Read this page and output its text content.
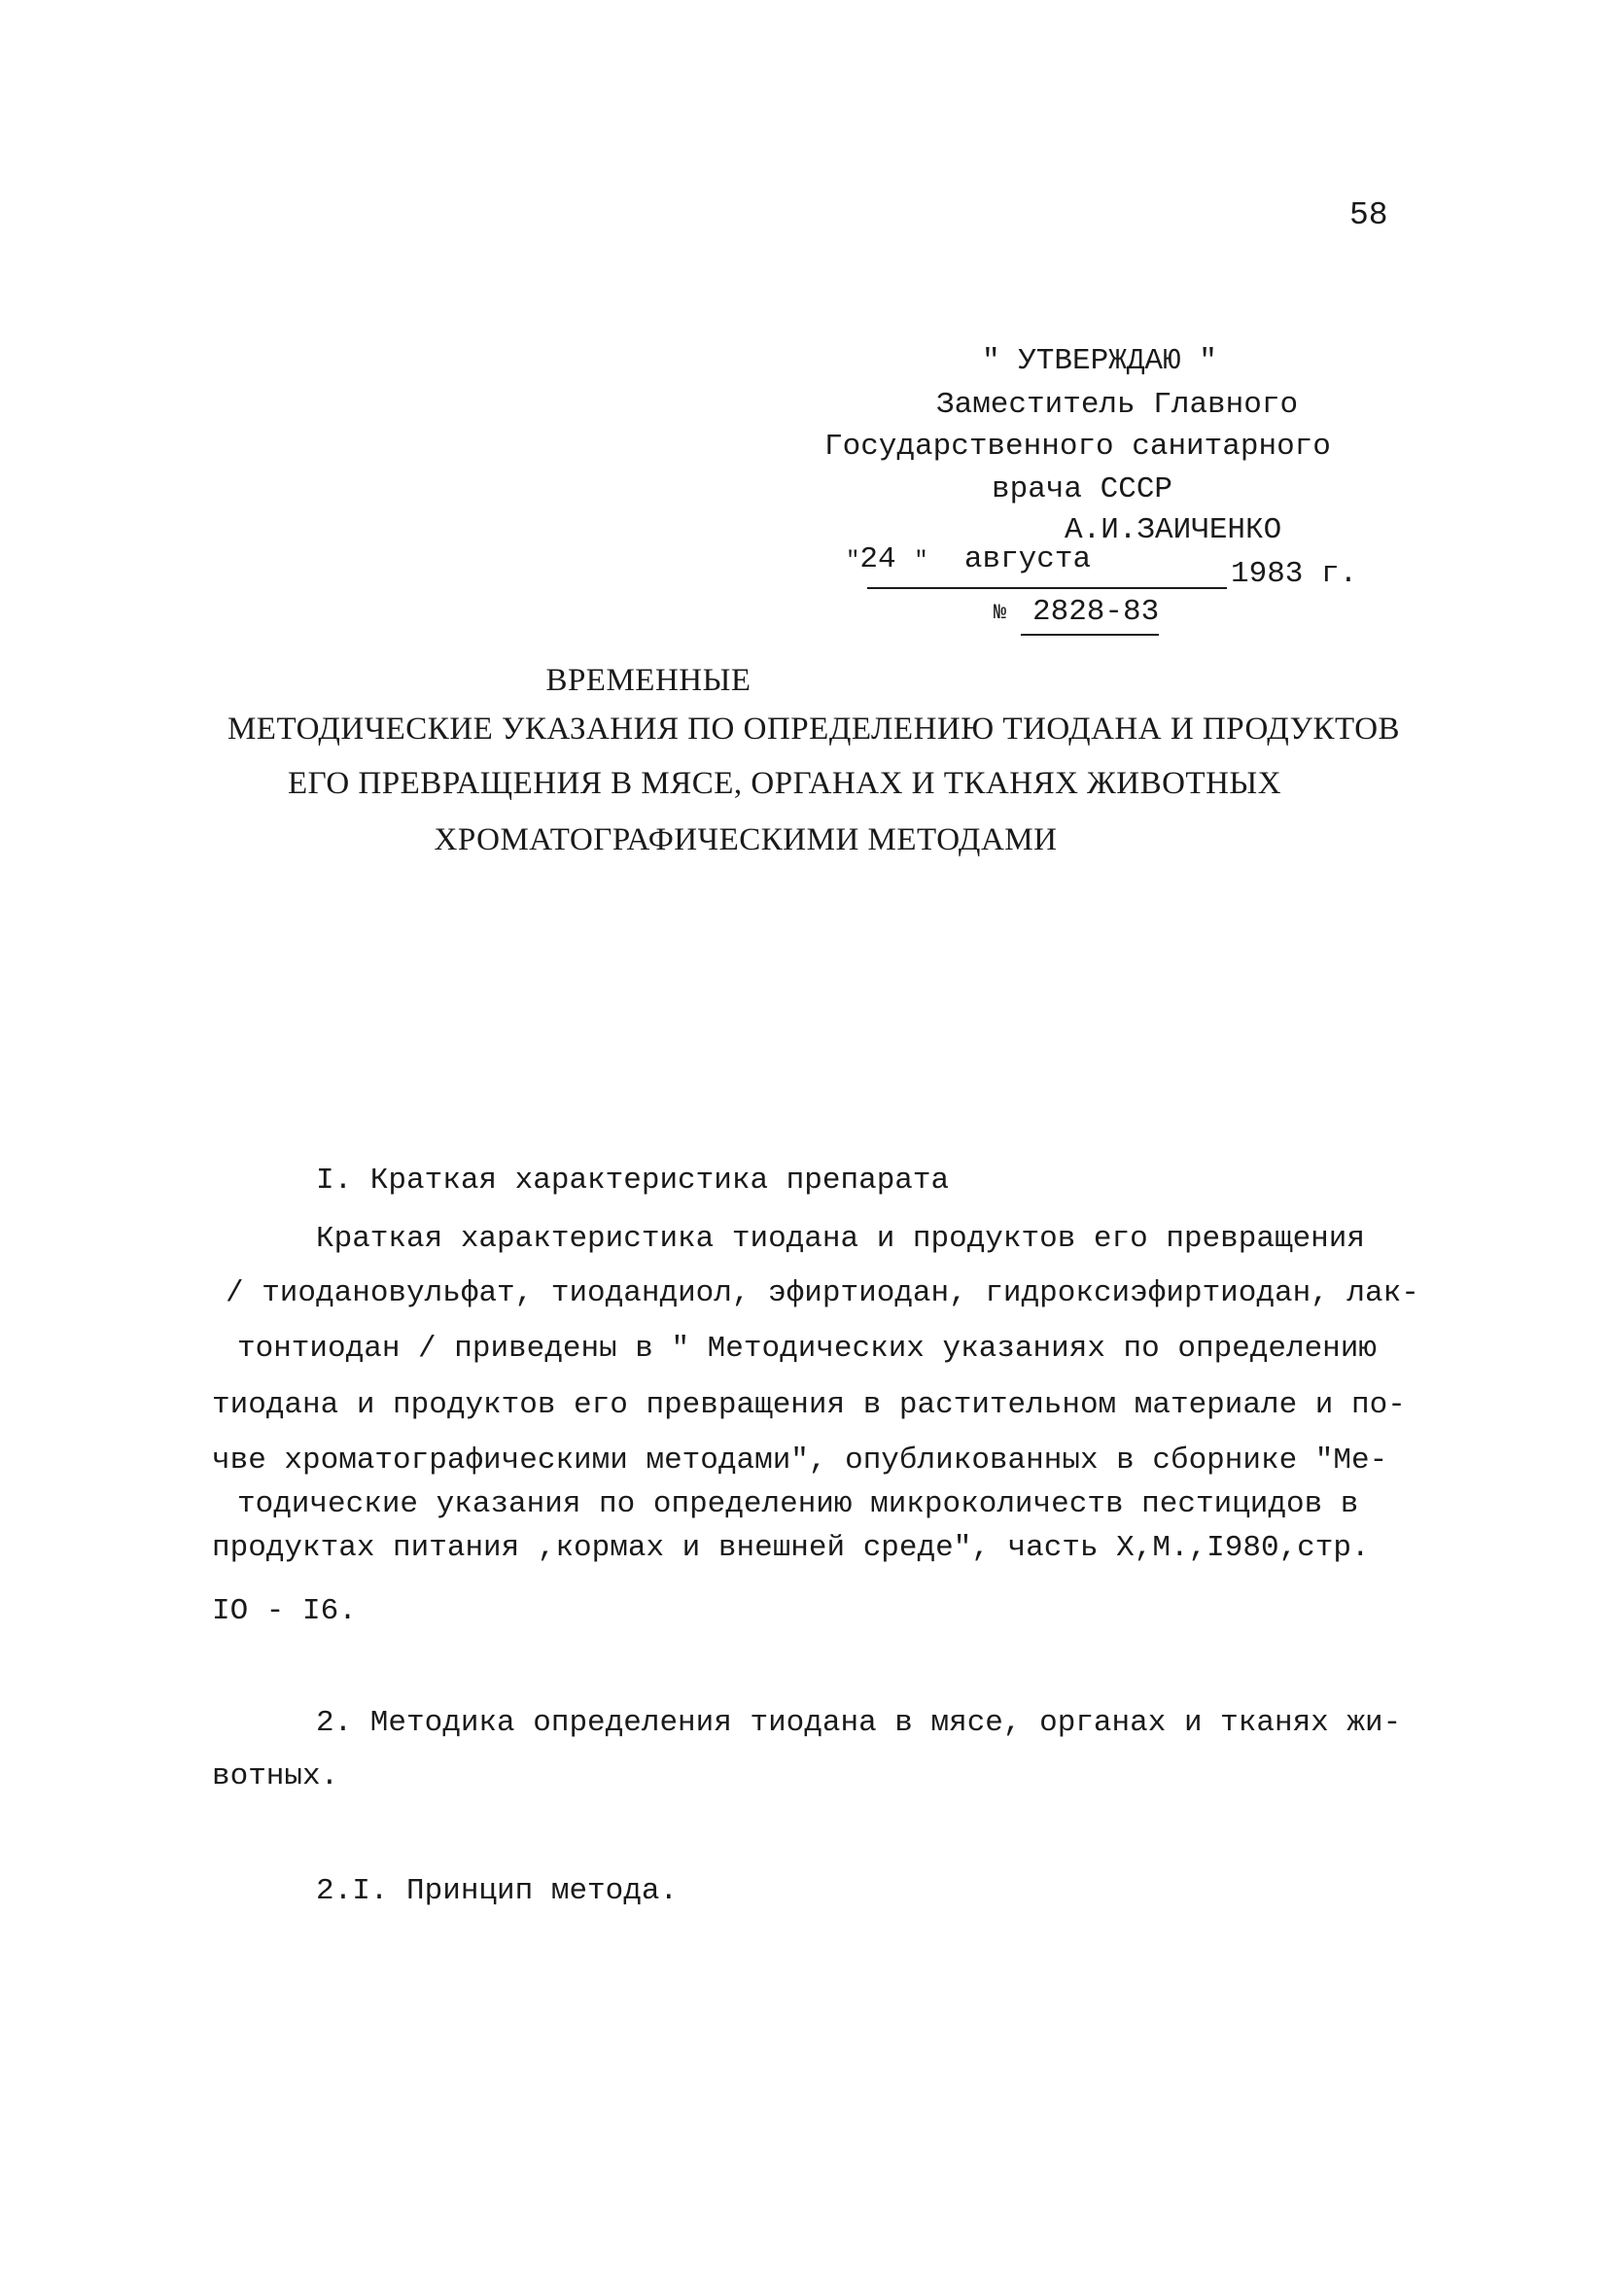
58
" УТВЕРЖДАЮ "
Заместитель Главного
Государственного санитарного
врача СССР
А.И.ЗАИЧЕНКО
"24 " августа	1983 г.
№ 2828-83
ВРЕМЕННЫЕ
МЕТОДИЧЕСКИЕ УКАЗАНИЯ ПО ОПРЕДЕЛЕНИЮ ТИОДАНА И ПРОДУКТОВ
ЕГО ПРЕВРАЩЕНИЯ В МЯСЕ, ОРГАНАХ И ТКАНЯХ ЖИВОТНЫХ
ХРОМАТОГРАФИЧЕСКИМИ МЕТОДАМИ
I. Краткая характеристика препарата
Краткая характеристика тиодана и продуктов его превращения
/ тиодановульфат, тиодандиол, эфиртиодан, гидроксиэфиртиодан, лак-
тонтиодан / приведены в " Методических указаниях по определению
тиодана и продуктов его превращения в растительном материале и по-
чве хроматографическими методами", опубликованных в сборнике "Ме-
тодические указания по определению микроколичеств пестицидов в
продуктах питания ,кормах и внешней среде", часть X,М.,I980,стр.
IO - I6.
2. Методика определения тиодана в мясе, органах и тканях жи-
вотных.
2.I. Принцип метода.
